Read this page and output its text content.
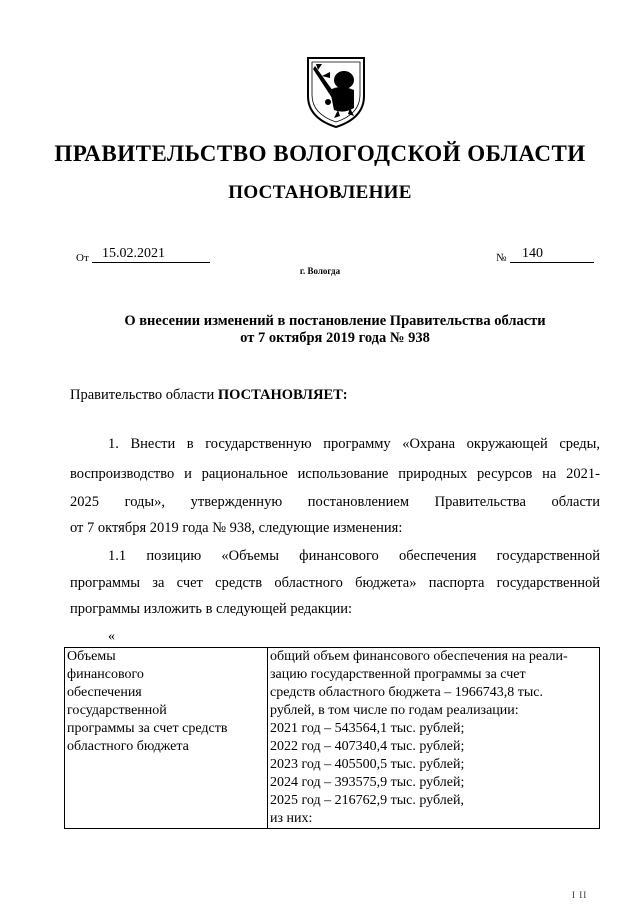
ПРАВИТЕЛЬСТВО ВОЛОГОДСКОЙ ОБЛАСТИ
ПОСТАНОВЛЕНИЕ
От 15.02.2021	№	140
г. Вологда
О внесении изменений в постановление Правительства области
от 7 октября 2019 года № 938
Правительство области ПОСТАНОВЛЯЕТ:
1. Внести в государственную программу «Охрана окружающей среды,
воспроизводство и рациональное использование природных ресурсов на 2021-
2025 годы», утвержденную постановлением Правительства области
от 7 октября 2019 года № 938, следующие изменения:
1.1 позицию «Объемы финансового обеспечения государственной
программы за счет средств областного бюджета» паспорта государственной
программы изложить в следующей редакции:
«
Объемы
финансового
обеспечения
государственной
программы за счет средств
областного бюджета

общий объем финансового обеспечения на реали-
зацию государственной программы за счет
средств областного бюджета – 1966743,8 тыс.
рублей, в том числе по годам реализации:
2021 год – 543564,1 тыс. рублей;
2022 год – 407340,4 тыс. рублей;
2023 год – 405500,5 тыс. рублей;
2024 год – 393575,9 тыс. рублей;
2025 год – 216762,9 тыс. рублей,
из них:
I II
